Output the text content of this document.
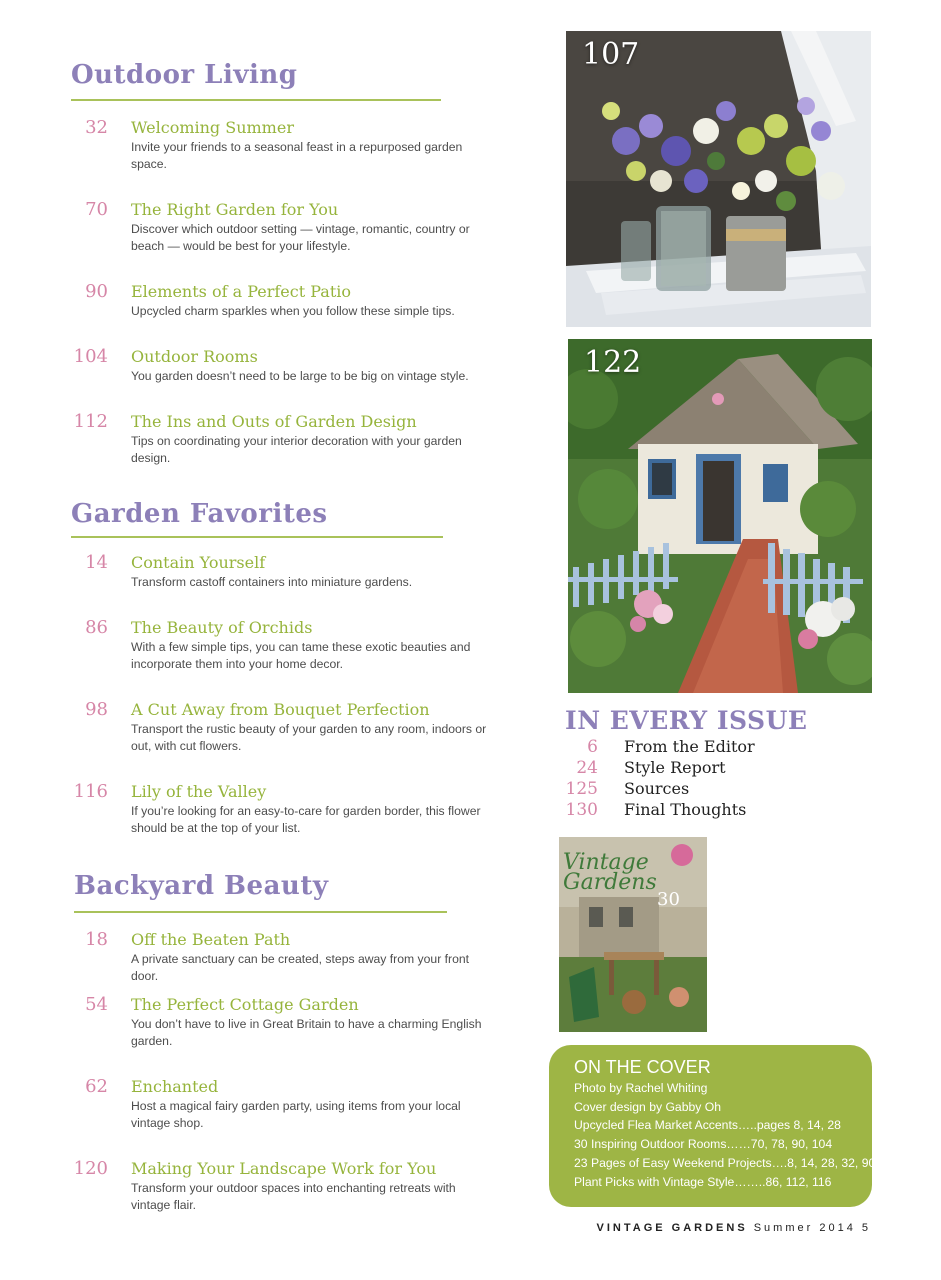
Outdoor Living
32 Welcoming Summer
Invite your friends to a seasonal feast in a repurposed garden space.
70 The Right Garden for You
Discover which outdoor setting — vintage, romantic, country or beach — would be best for your lifestyle.
90 Elements of a Perfect Patio
Upcycled charm sparkles when you follow these simple tips.
104 Outdoor Rooms
You garden doesn’t need to be large to be big on vintage style.
112 The Ins and Outs of Garden Design
Tips on coordinating your interior decoration with your garden design.
Garden Favorites
14 Contain Yourself
Transform castoff containers into miniature gardens.
86 The Beauty of Orchids
With a few simple tips, you can tame these exotic beauties and incorporate them into your home decor.
98 A Cut Away from Bouquet Perfection
Transport the rustic beauty of your garden to any room, indoors or out, with cut flowers.
116 Lily of the Valley
If you’re looking for an easy-to-care for garden border, this flower should be at the top of your list.
Backyard Beauty
18 Off the Beaten Path
A private sanctuary can be created, steps away from your front door.
54 The Perfect Cottage Garden
You don’t have to live in Great Britain to have a charming English garden.
62 Enchanted
Host a magical fairy garden party, using items from your local vintage shop.
120 Making Your Landscape Work for You
Transform your outdoor spaces into enchanting retreats with vintage flair.
107
122
IN EVERY ISSUE
6 From the Editor
24 Style Report
125 Sources
130 Final Thoughts
Vintage Gardens
30
ON THE COVER
Photo by Rachel Whiting
Cover design by Gabby Oh
Upcycled Flea Market Accents…..pages 8, 14, 28
30 Inspiring Outdoor Rooms……70, 78, 90, 104
23 Pages of Easy Weekend Projects….8, 14, 28, 32, 90
Plant Picks with Vintage Style……..86, 112, 116
VINTAGE GARDENS Summer 2014 5
